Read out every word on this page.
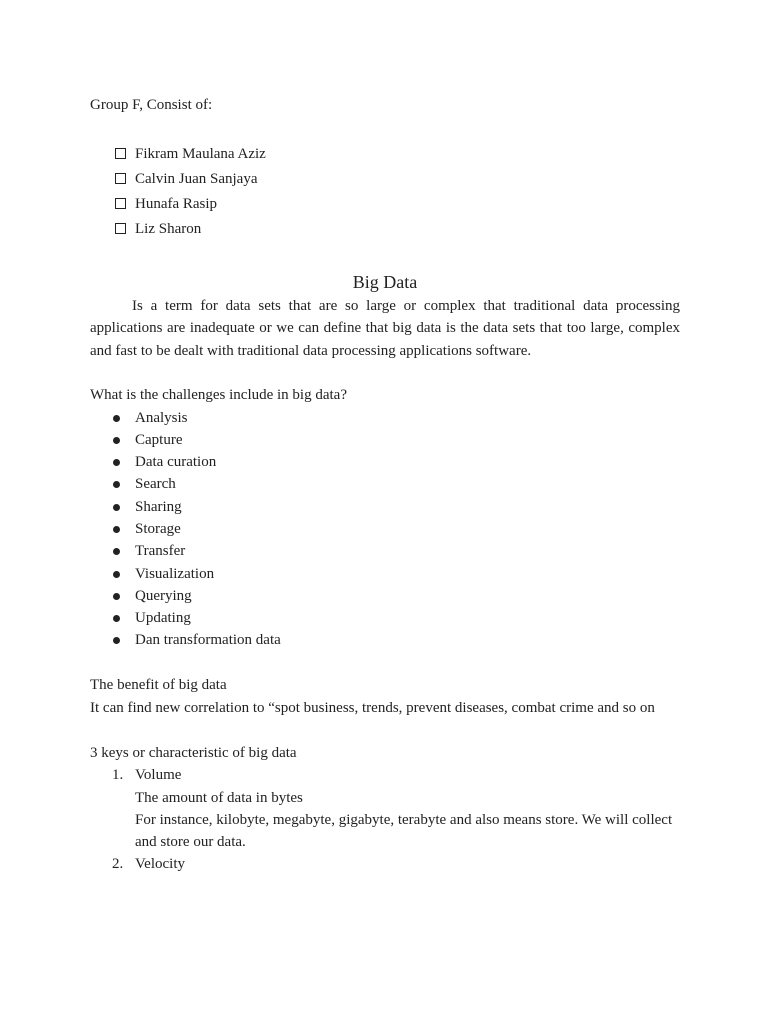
Group F, Consist of:
Fikram Maulana Aziz
Calvin Juan Sanjaya
Hunafa Rasip
Liz Sharon
Big Data
Is a term for data sets that are so large or complex that traditional data processing applications are inadequate or we can define that big data is the data sets that too large, complex and fast to be dealt with traditional data processing applications software.
What is the challenges include in big data?
Analysis
Capture
Data curation
Search
Sharing
Storage
Transfer
Visualization
Querying
Updating
Dan transformation data
The benefit of big data
It can find new correlation to “spot business, trends, prevent diseases, combat crime and so on
3 keys or characteristic of big data
1. Volume
The amount of data in bytes
For instance, kilobyte, megabyte, gigabyte, terabyte and also means store. We will collect and store our data.
2. Velocity
